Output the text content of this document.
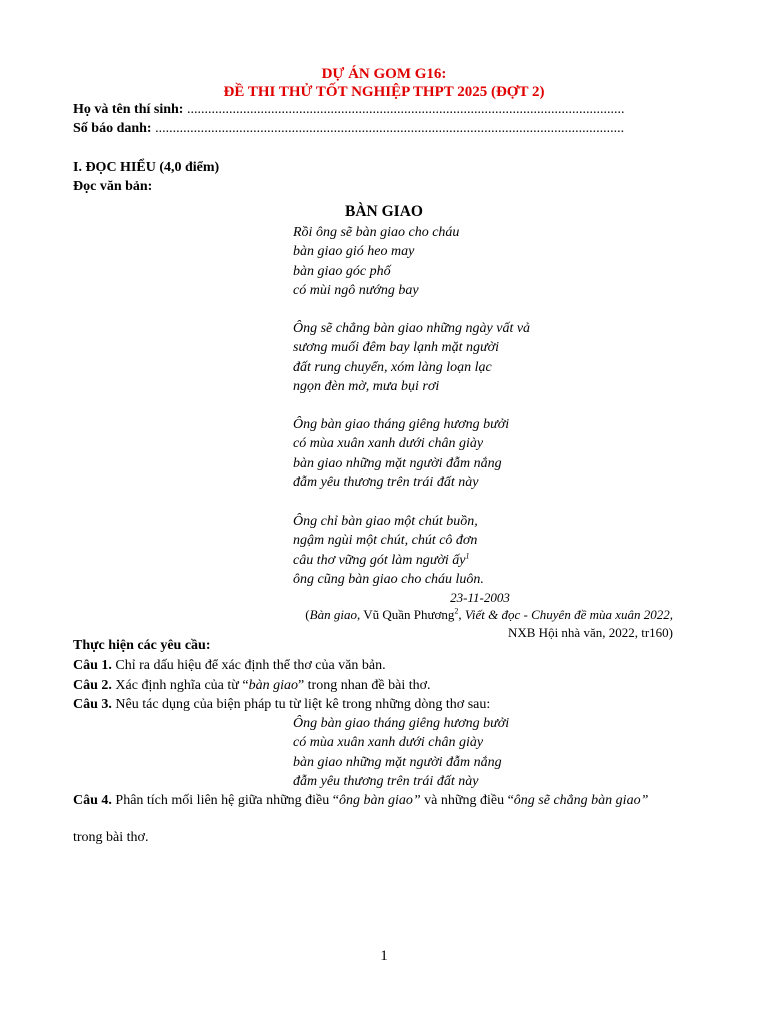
DỰ ÁN GOM G16:
ĐỀ THI THỬ TỐT NGHIỆP THPT 2025 (ĐỢT 2)
Họ và tên thí sinh: .............................................................................................................................
Số báo danh: ......................................................................................................................................
I. ĐỌC HIỂU (4,0 điểm)
Đọc văn bản:
BÀN GIAO
Rồi ông sẽ bàn giao cho cháu
bàn giao gió heo may
bàn giao góc phố
có mùi ngô nướng bay
Ông sẽ chẳng bàn giao những ngày vất vả
sương muối đêm bay lạnh mặt người
đất rung chuyển, xóm làng loạn lạc
ngọn đèn mờ, mưa bụi rơi
Ông bàn giao tháng giêng hương bưởi
có mùa xuân xanh dưới chân giày
bàn giao những mặt người đẫm nắng
đẫm yêu thương trên trái đất này
Ông chỉ bàn giao một chút buồn,
ngậm ngùi một chút, chút cô đơn
câu thơ vững gót làm người ấy$^1$
ông cũng bàn giao cho cháu luôn.
23-11-2003
(Bàn giao, Vũ Quần Phương$^2$, Viết & đọc - Chuyên đề mùa xuân 2022,
NXB Hội nhà văn, 2022, tr160)
Thực hiện các yêu cầu:
Câu 1. Chỉ ra dấu hiệu để xác định thể thơ của văn bản.
Câu 2. Xác định nghĩa của từ “bàn giao” trong nhan đề bài thơ.
Câu 3. Nêu tác dụng của biện pháp tu từ liệt kê trong những dòng thơ sau:
Ông bàn giao tháng giêng hương bưởi
có mùa xuân xanh dưới chân giày
bàn giao những mặt người đẫm nắng
đẫm yêu thương trên trái đất này
Câu 4. Phân tích mối liên hệ giữa những điều “ông bàn giao” và những điều “ông sẽ chẳng bàn giao”
trong bài thơ.
1
